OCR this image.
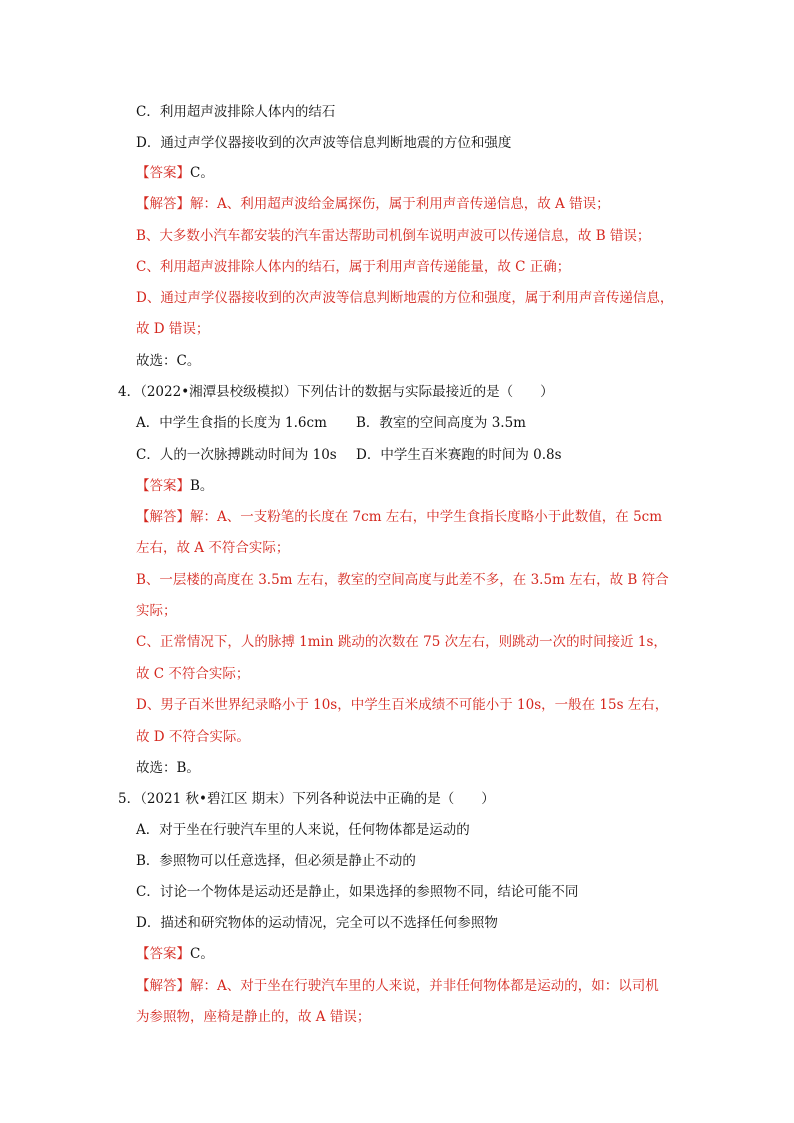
C．利用超声波排除人体内的结石
D．通过声学仪器接收到的次声波等信息判断地震的方位和强度
【答案】C。
【解答】解：A、利用超声波给金属探伤，属于利用声音传递信息，故 A 错误；
B、大多数小汽车都安装的汽车雷达帮助司机倒车说明声波可以传递信息，故 B 错误；
C、利用超声波排除人体内的结石，属于利用声音传递能量，故 C 正确；
D、通过声学仪器接收到的次声波等信息判断地震的方位和强度，属于利用声音传递信息，
故 D 错误；
故选：C。
4．（2022•湘潭县校级模拟）下列估计的数据与实际最接近的是（　　）
A．中学生食指的长度为 1.6cm B．教室的空间高度为 3.5m
C．人的一次脉搏跳动时间为 10s D．中学生百米赛跑的时间为 0.8s
【答案】B。
【解答】解：A、一支粉笔的长度在 7cm 左右，中学生食指长度略小于此数值，在 5cm
左右，故 A 不符合实际；
B、一层楼的高度在 3.5m 左右，教室的空间高度与此差不多，在 3.5m 左右，故 B 符合
实际；
C、正常情况下，人的脉搏 1min 跳动的次数在 75 次左右，则跳动一次的时间接近 1s，
故 C 不符合实际；
D、男子百米世界纪录略小于 10s，中学生百米成绩不可能小于 10s，一般在 15s 左右，
故 D 不符合实际。
故选：B。
5．（2021 秋•碧江区 期末）下列各种说法中正确的是（　　）
A．对于坐在行驶汽车里的人来说，任何物体都是运动的
B．参照物可以任意选择，但必须是静止不动的
C．讨论一个物体是运动还是静止，如果选择的参照物不同，结论可能不同
D．描述和研究物体的运动情况，完全可以不选择任何参照物
【答案】C。
【解答】解：A、对于坐在行驶汽车里的人来说，并非任何物体都是运动的，如：以司机
为参照物，座椅是静止的，故 A 错误；
